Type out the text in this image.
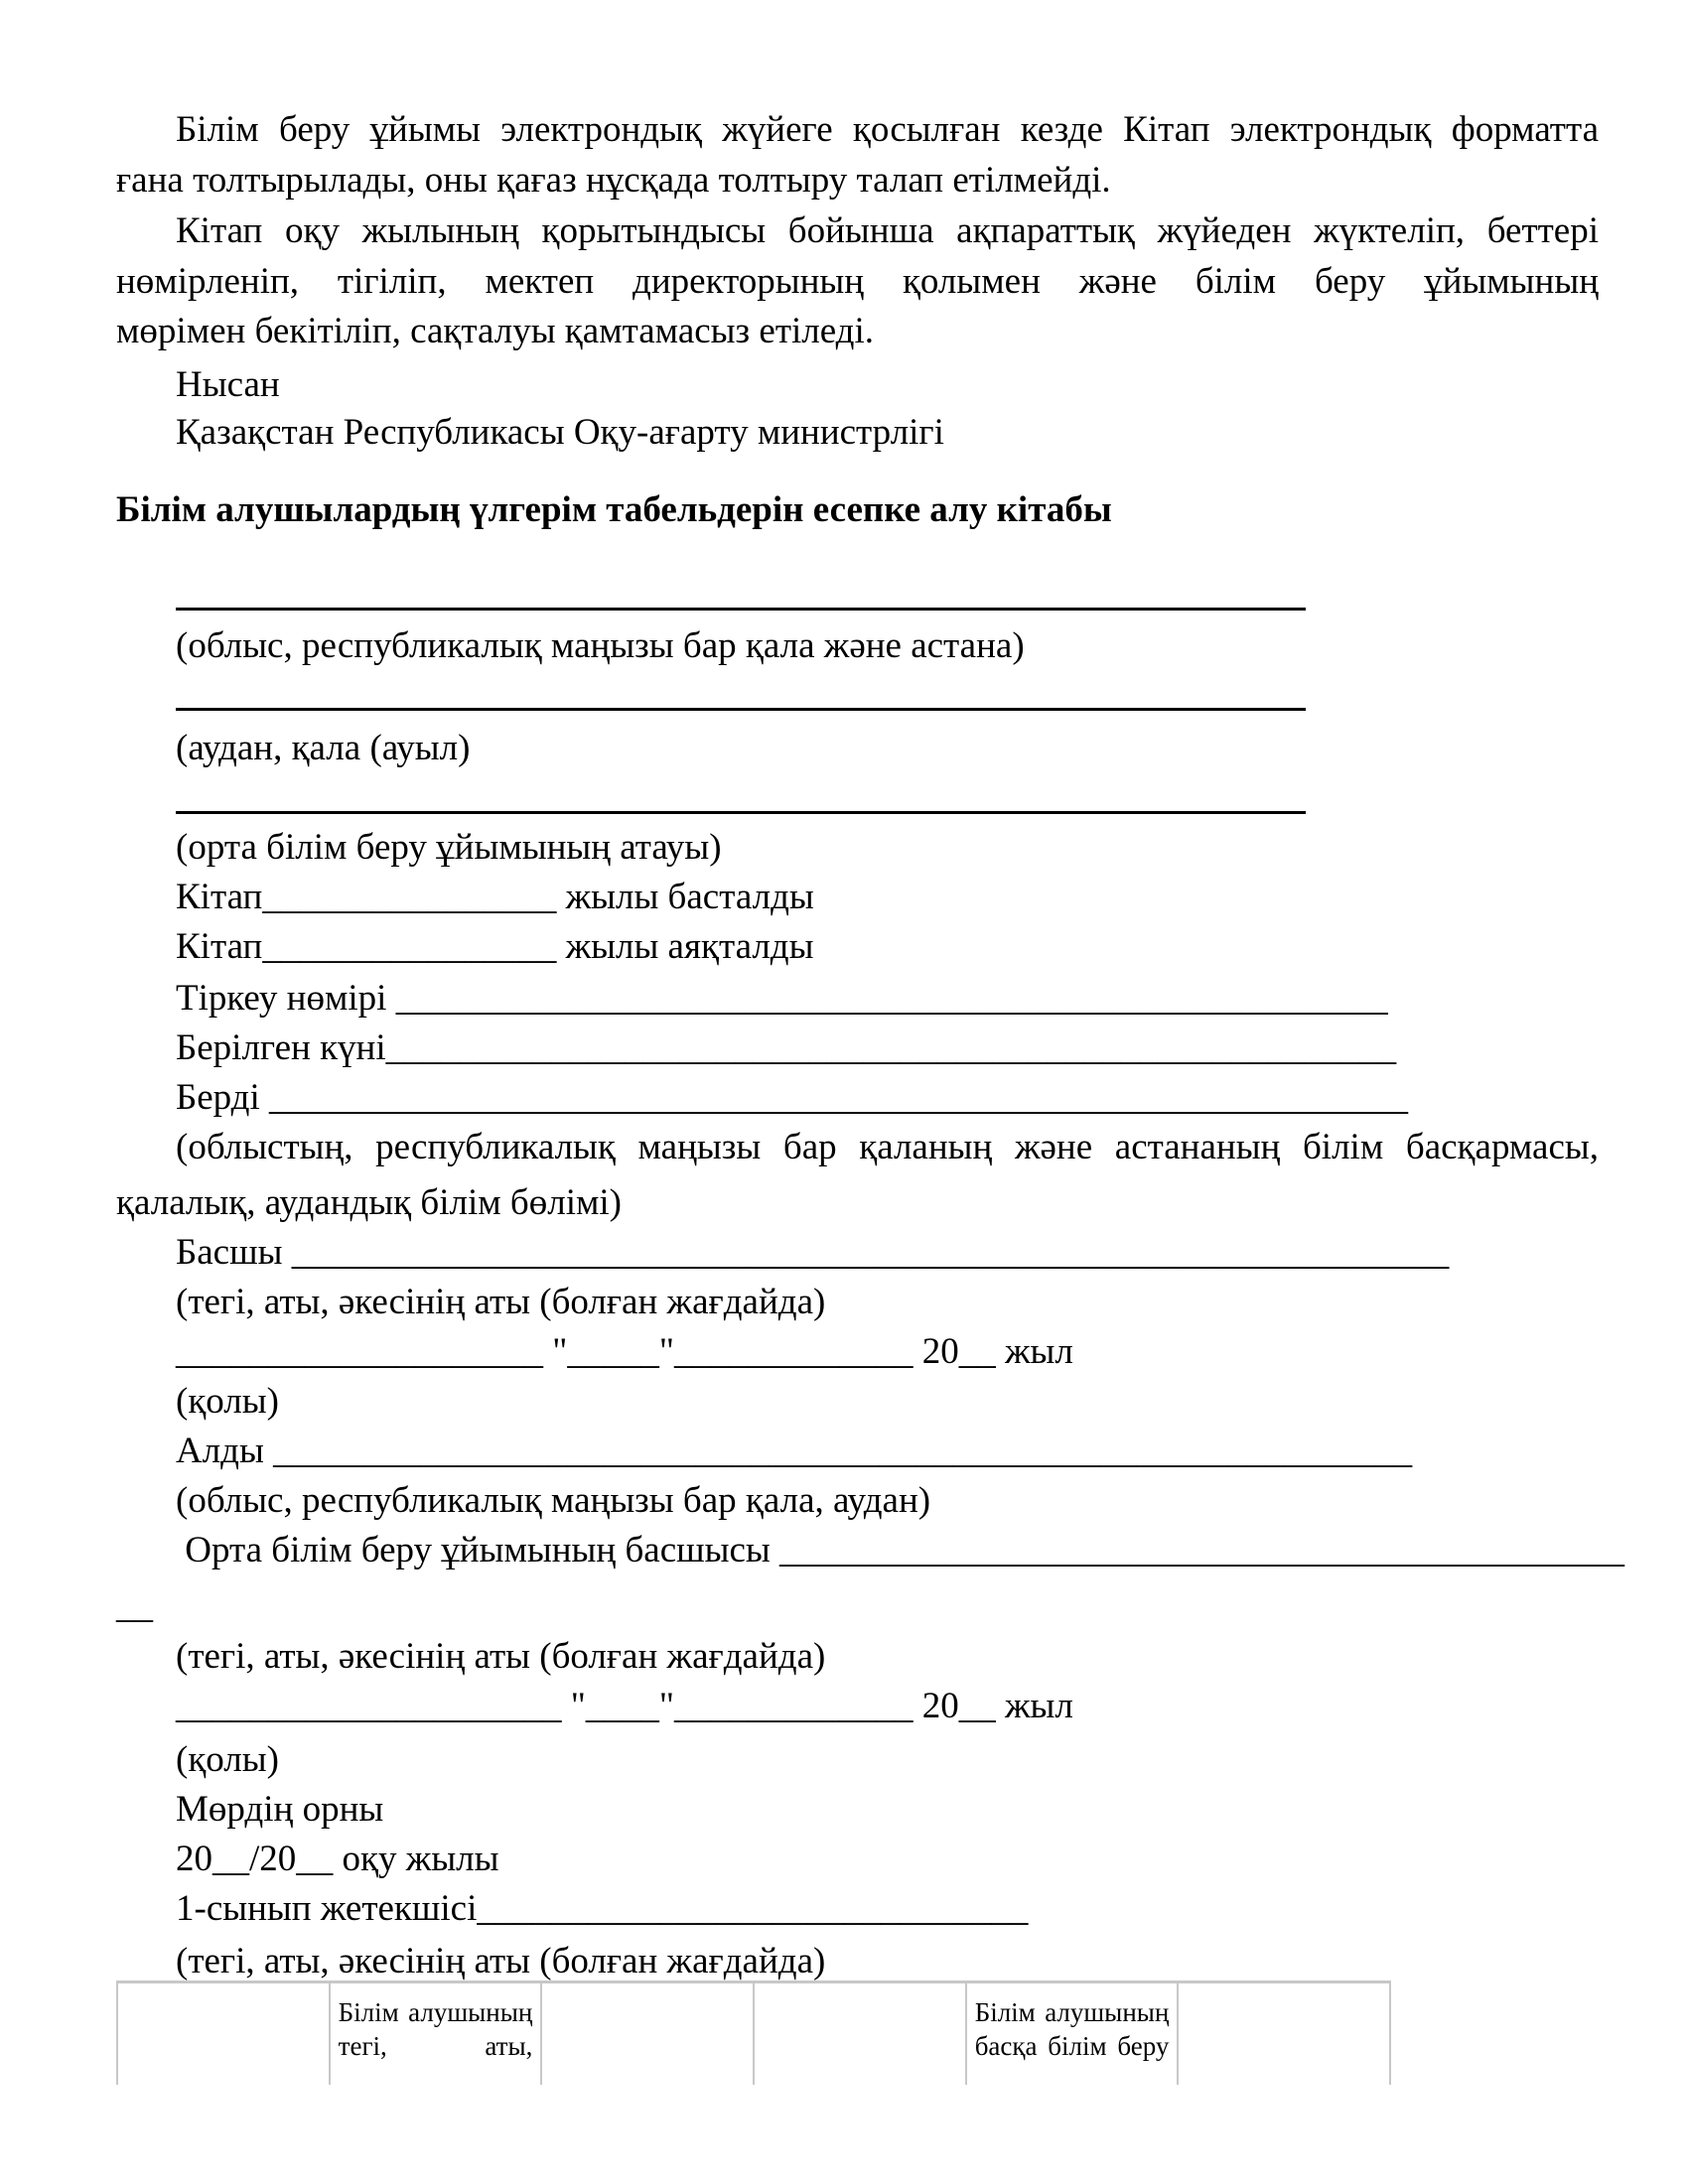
Білім беру ұйымы электрондық жүйеге қосылған кезде Кітап электрондық форматта
ғана толтырылады, оны қағаз нұсқада толтыру талап етілмейді.
Кітап оқу жылының қорытындысы бойынша ақпараттық жүйеден жүктеліп, беттері
нөмірленіп, тігіліп, мектеп директорының қолымен және білім беру ұйымының
мөрімен бекітіліп, сақталуы қамтамасыз етіледі.
Нысан
Қазақстан Республикасы Оқу-ағарту министрлігі
Білім алушылардың үлгерім табельдерін есепке алу кітабы
(облыс, республикалық маңызы бар қала және астана)
(аудан, қала (ауыл)
(орта білім беру ұйымының атауы)
Кітап________________ жылы басталды
Кітап________________ жылы аяқталды
Тіркеу нөмірі ______________________________________________________
Берілген күні_______________________________________________________
Берді ______________________________________________________________
(облыстың, республикалық маңызы бар қаланың және астананың білім басқармасы,
қалалық, аудандық білім бөлімі)
Басшы _______________________________________________________________
(тегі, аты, әкесінің аты (болған жағдайда)
____________________ "_____"_____________ 20__ жыл
(қолы)
Алды ______________________________________________________________
(облыс, республикалық маңызы бар қала, аудан)
Орта білім беру ұйымының басшысы ______________________________________________
__
(тегі, аты, әкесінің аты (болған жағдайда)
_____________________ "____"_____________ 20__ жыл
(қолы)
Мөрдің орны
20__/20__ оқу жылы
1-сынып жетекшісі______________________________
(тегі, аты, әкесінің аты (болған жағдайда)
Білім алушының тегі, аты,
Білім алушының басқа білім беру
